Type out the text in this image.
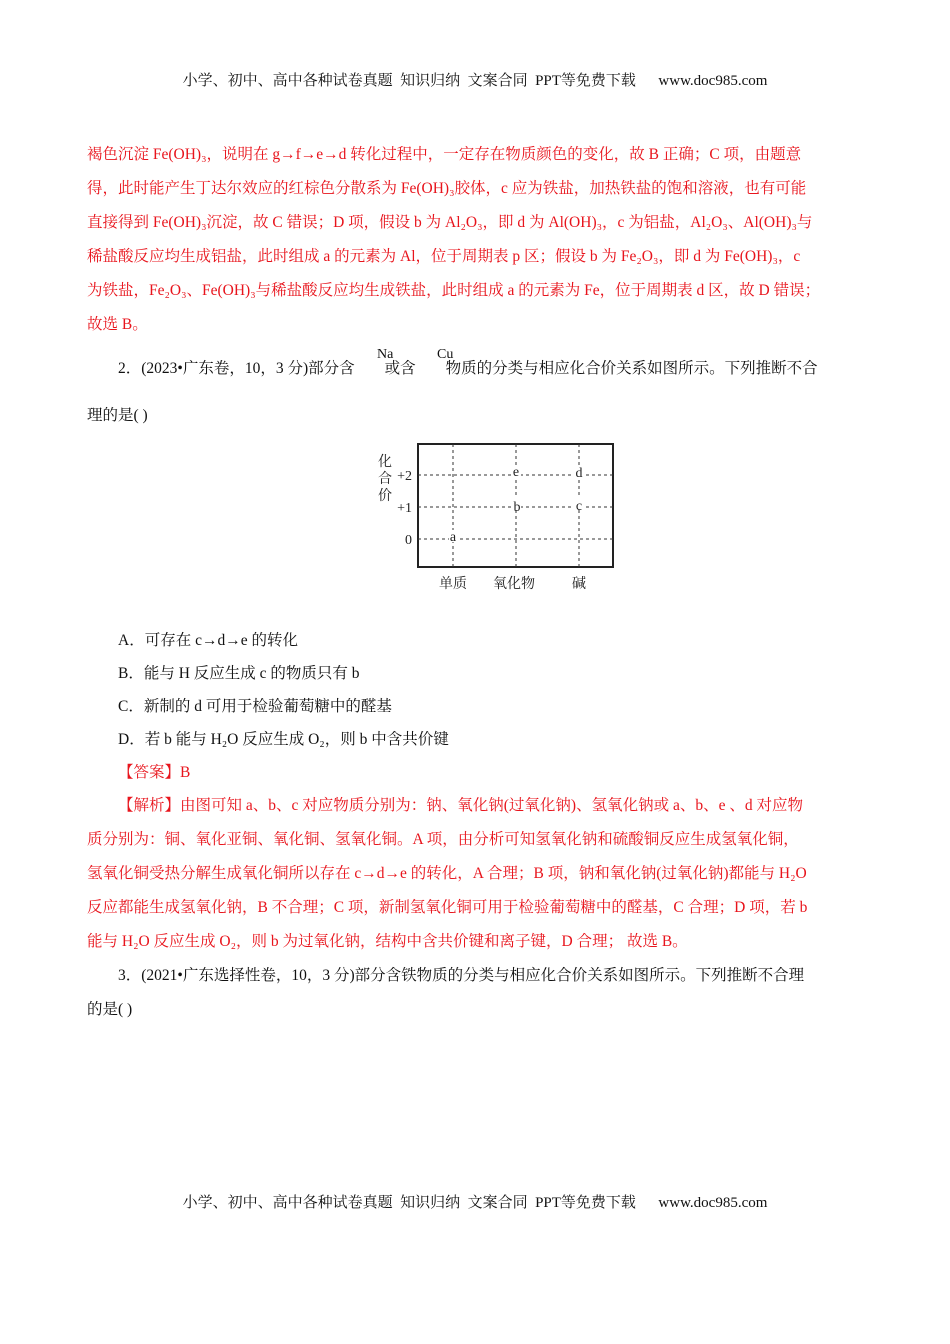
小学、初中、高中各种试卷真题  知识归纳  文案合同  PPT等免费下载      www.doc985.com
褐色沉淀 Fe(OH)₃，说明在 g→f→e→d 转化过程中，一定存在物质颜色的变化，故 B 正确；C 项，由题意
得，此时能产生丁达尔效应的红棕色分散系为 Fe(OH)₃胶体，c 应为铁盐，加热铁盐的饱和溶液，也有可能
直接得到 Fe(OH)₃沉淀，故 C 错误；D 项，假设 b 为 Al₂O₃，即 d 为 Al(OH)₃，c 为铝盐，Al₂O₃、Al(OH)₃与
稀盐酸反应均生成铝盐，此时组成 a 的元素为 Al，位于周期表 p 区；假设 b 为 Fe₂O₃，即 d 为 Fe(OH)₃，c
为铁盐，Fe₂O₃、Fe(OH)₃与稀盐酸反应均生成铁盐，此时组成 a 的元素为 Fe，位于周期表 d 区，故 D 错误；
故选 B。
2．(2023•广东卷，10，3 分)部分含 或含 物质的分类与相应化合价关系如图所示。下列推断不合
Na	Cu
理的是( )
化
合
价
+2
+1
0
单质 氧化物	碱
e	d
b	c
a
A．可存在 c→d→e 的转化
B．能与 H 反应生成 c 的物质只有 b
C．新制的 d 可用于检验葡萄糖中的醛基
D．若 b 能与 H₂O 反应生成 O₂，则 b 中含共价键
【答案】B
【解析】由图可知 a、b、c 对应物质分别为：钠、氧化钠(过氧化钠)、氢氧化钠或 a、b、e 、d 对应物
质分别为：铜、氧化亚铜、氧化铜、氢氧化铜。A 项，由分析可知氢氧化钠和硫酸铜反应生成氢氧化铜，
氢氧化铜受热分解生成氧化铜所以存在 c→d→e 的转化，A 合理；B 项，钠和氧化钠(过氧化钠)都能与 H₂O
反应都能生成氢氧化钠，B 不合理；C 项，新制氢氧化铜可用于检验葡萄糖中的醛基，C 合理；D 项，若 b
能与 H₂O 反应生成 O₂，则 b 为过氧化钠，结构中含共价键和离子键，D 合理； 故选 B。
3．(2021•广东选择性卷，10，3 分)部分含铁物质的分类与相应化合价关系如图所示。下列推断不合理
的是( )
小学、初中、高中各种试卷真题  知识归纳  文案合同  PPT等免费下载      www.doc985.com
